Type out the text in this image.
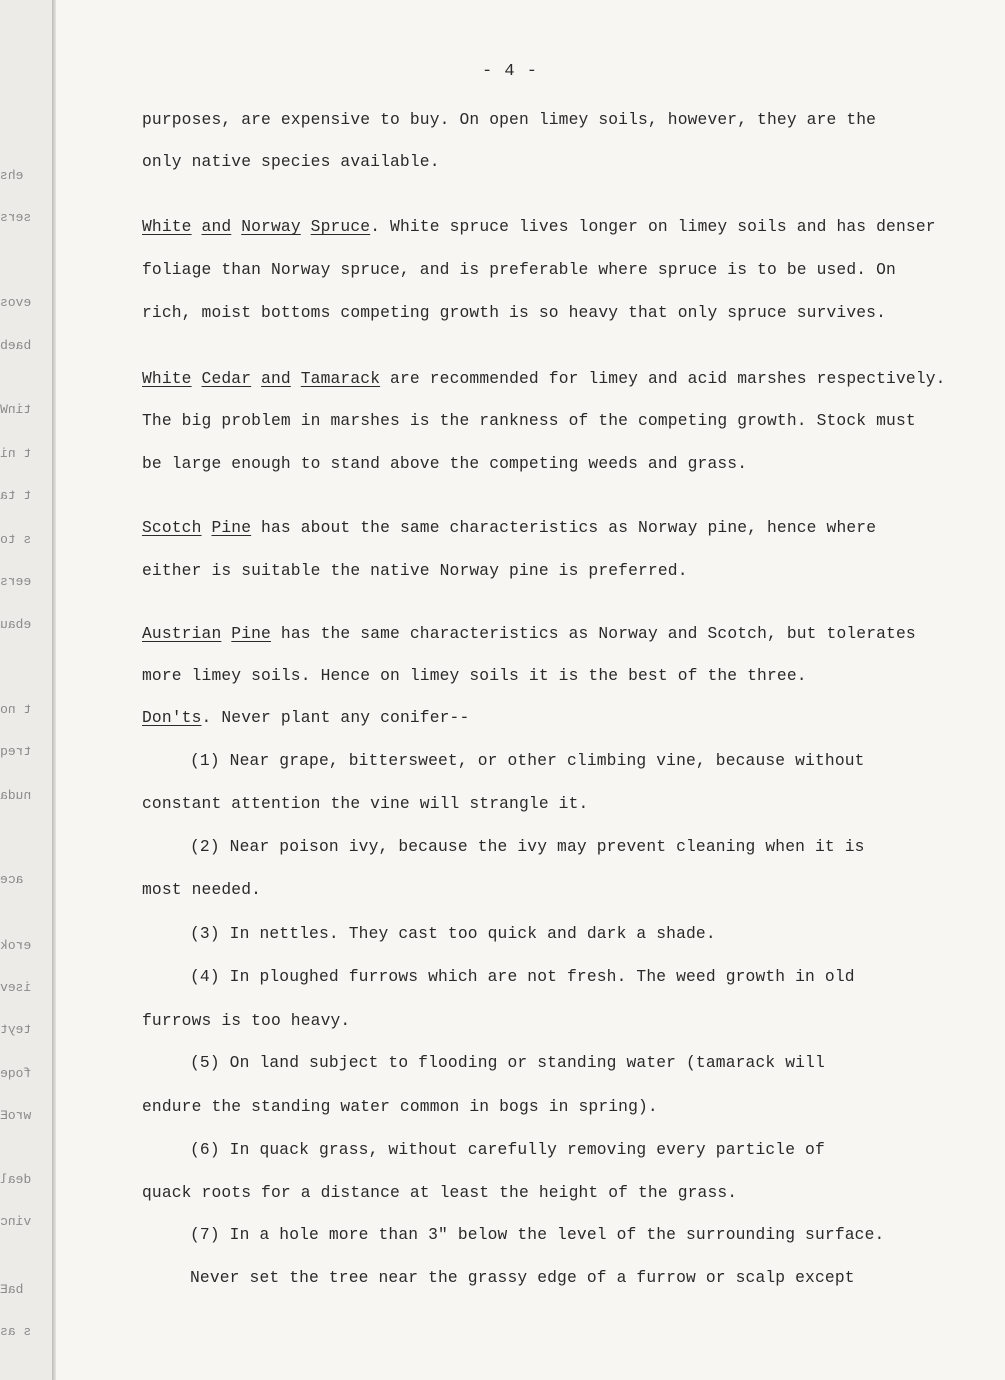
ehs
sers
evos
baeb
tinW
t ni
t ta
s to
eers
ebau
t no
treq
nuda
ace
erok
isev
teyt
foqe
wroE
deal
vinc
baE
s as
- 4 -
purposes, are expensive to buy. On open limey soils, however, they are the
only native species available.
White and Norway Spruce. White spruce lives longer on limey soils and has denser
foliage than Norway spruce, and is preferable where spruce is to be used. On
rich, moist bottoms competing growth is so heavy that only spruce survives.
White Cedar and Tamarack are recommended for limey and acid marshes respectively.
The big problem in marshes is the rankness of the competing growth. Stock must
be large enough to stand above the competing weeds and grass.
Scotch Pine has about the same characteristics as Norway pine, hence where
either is suitable the native Norway pine is preferred.
Austrian Pine has the same characteristics as Norway and Scotch, but tolerates
more limey soils. Hence on limey soils it is the best of the three.
Don'ts. Never plant any conifer--
(1) Near grape, bittersweet, or other climbing vine, because without
constant attention the vine will strangle it.
(2) Near poison ivy, because the ivy may prevent cleaning when it is
most needed.
(3) In nettles. They cast too quick and dark a shade.
(4) In ploughed furrows which are not fresh. The weed growth in old
furrows is too heavy.
(5) On land subject to flooding or standing water (tamarack will
endure the standing water common in bogs in spring).
(6) In quack grass, without carefully removing every particle of
quack roots for a distance at least the height of the grass.
(7) In a hole more than 3" below the level of the surrounding surface.
Never set the tree near the grassy edge of a furrow or scalp except
